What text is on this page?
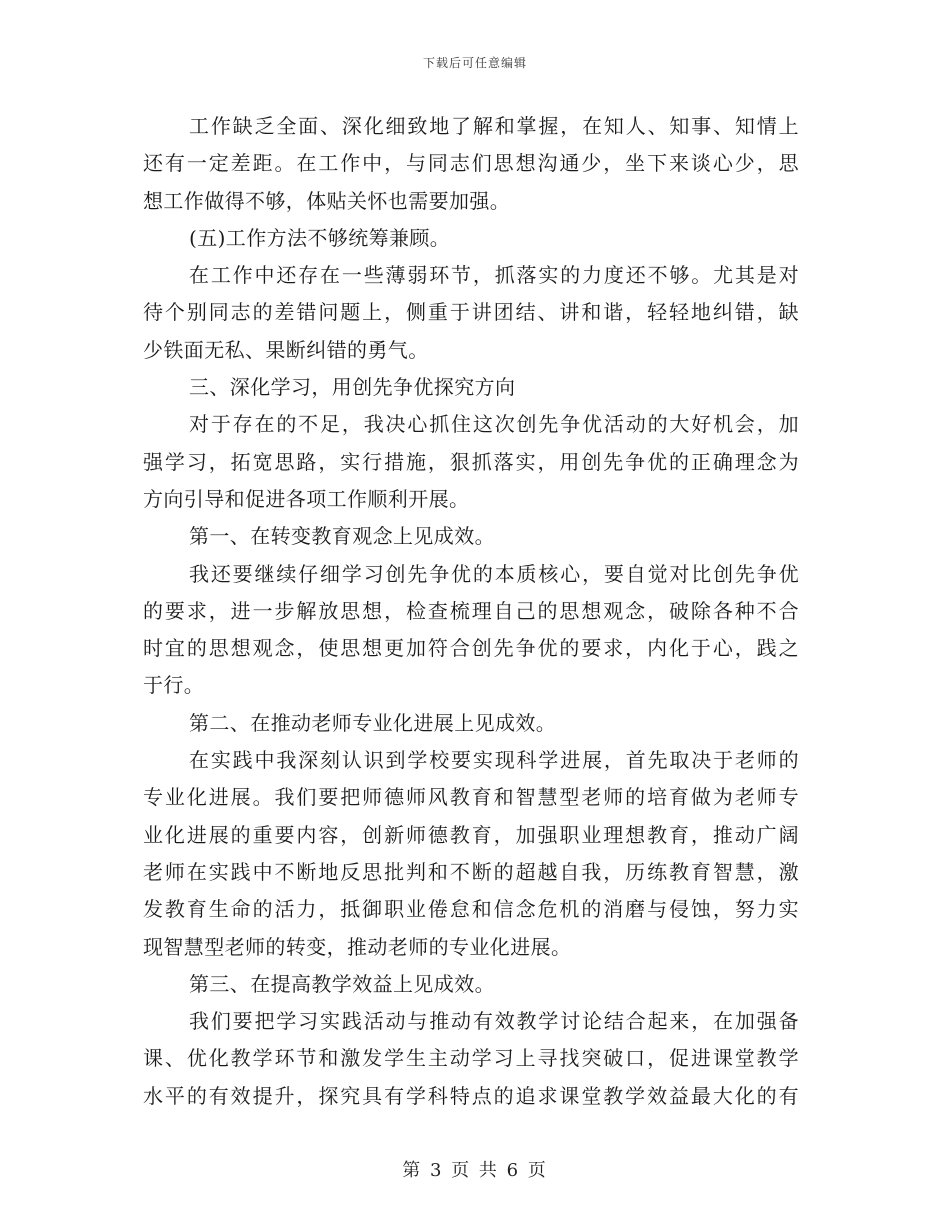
下载后可任意编辑
工作缺乏全面、深化细致地了解和掌握，在知人、知事、知情上
还有一定差距。在工作中，与同志们思想沟通少，坐下来谈心少，思
想工作做得不够，体贴关怀也需要加强。
(五)工作方法不够统筹兼顾。
在工作中还存在一些薄弱环节，抓落实的力度还不够。尤其是对
待个别同志的差错问题上，侧重于讲团结、讲和谐，轻轻地纠错，缺
少铁面无私、果断纠错的勇气。
三、深化学习，用创先争优探究方向
对于存在的不足，我决心抓住这次创先争优活动的大好机会，加
强学习，拓宽思路，实行措施，狠抓落实，用创先争优的正确理念为
方向引导和促进各项工作顺利开展。
第一、在转变教育观念上见成效。
我还要继续仔细学习创先争优的本质核心，要自觉对比创先争优
的要求，进一步解放思想，检查梳理自己的思想观念，破除各种不合
时宜的思想观念，使思想更加符合创先争优的要求，内化于心，践之
于行。
第二、在推动老师专业化进展上见成效。
在实践中我深刻认识到学校要实现科学进展，首先取决于老师的
专业化进展。我们要把师德师风教育和智慧型老师的培育做为老师专
业化进展的重要内容，创新师德教育，加强职业理想教育，推动广阔
老师在实践中不断地反思批判和不断的超越自我，历练教育智慧，激
发教育生命的活力，抵御职业倦怠和信念危机的消磨与侵蚀，努力实
现智慧型老师的转变，推动老师的专业化进展。
第三、在提高教学效益上见成效。
我们要把学习实践活动与推动有效教学讨论结合起来，在加强备
课、优化教学环节和激发学生主动学习上寻找突破口，促进课堂教学
水平的有效提升，探究具有学科特点的追求课堂教学效益最大化的有
第 3 页 共 6 页
